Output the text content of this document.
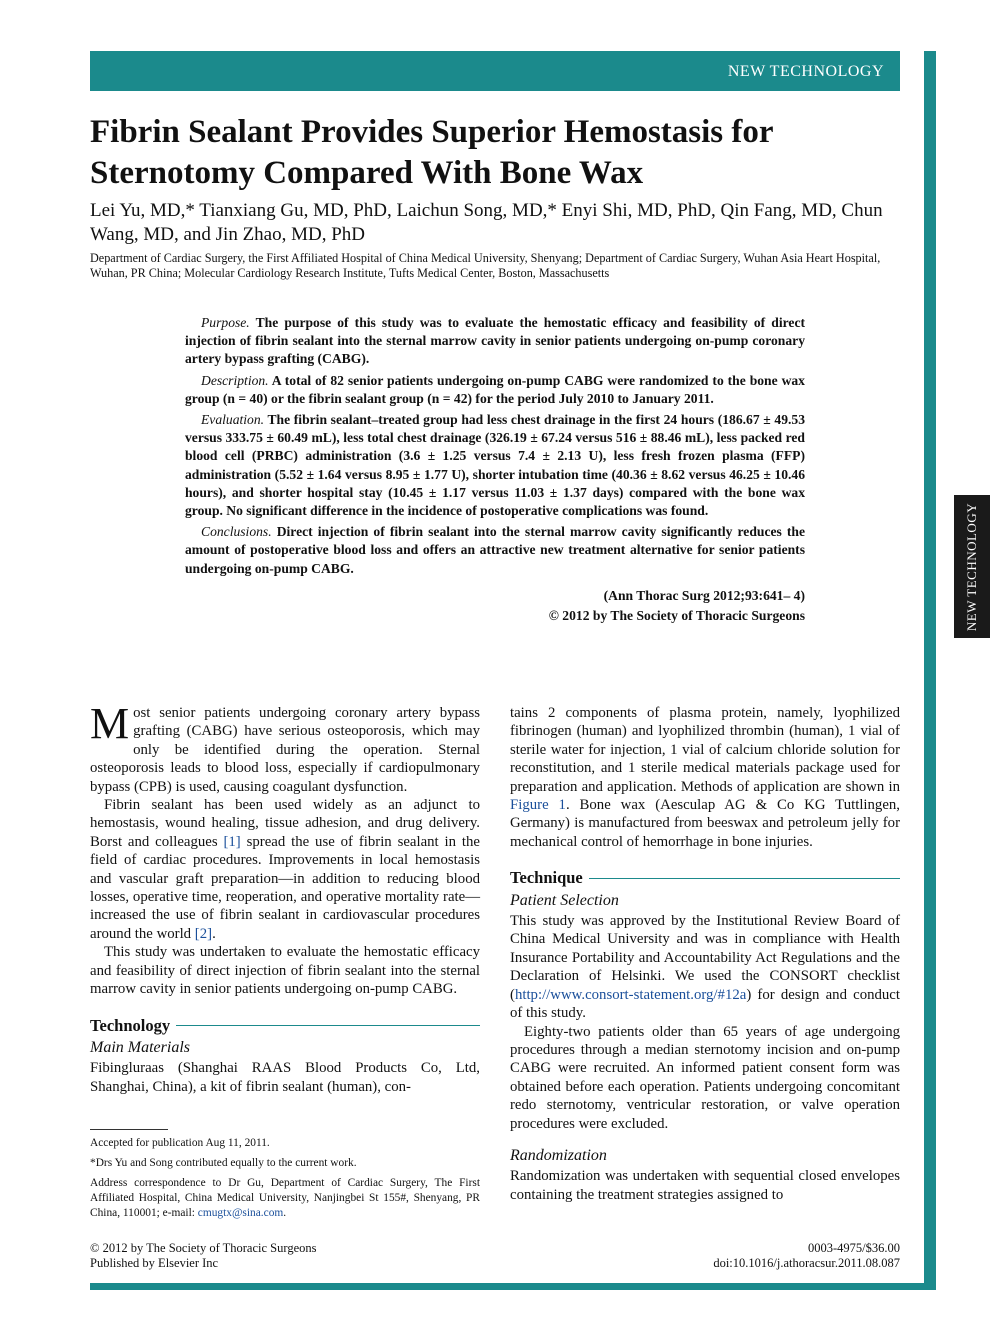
NEW TECHNOLOGY
NEW TECHNOLOGY
Fibrin Sealant Provides Superior Hemostasis for Sternotomy Compared With Bone Wax
Lei Yu, MD,* Tianxiang Gu, MD, PhD, Laichun Song, MD,* Enyi Shi, MD, PhD, Qin Fang, MD, Chun Wang, MD, and Jin Zhao, MD, PhD
Department of Cardiac Surgery, the First Affiliated Hospital of China Medical University, Shenyang; Department of Cardiac Surgery, Wuhan Asia Heart Hospital, Wuhan, PR China; Molecular Cardiology Research Institute, Tufts Medical Center, Boston, Massachusetts

Purpose. The purpose of this study was to evaluate the hemostatic efficacy and feasibility of direct injection of fibrin sealant into the sternal marrow cavity in senior patients undergoing on-pump coronary artery bypass grafting (CABG).

Description. A total of 82 senior patients undergoing on-pump CABG were randomized to the bone wax group (n = 40) or the fibrin sealant group (n = 42) for the period July 2010 to January 2011.

Evaluation. The fibrin sealant–treated group had less chest drainage in the first 24 hours (186.67 ± 49.53 versus 333.75 ± 60.49 mL), less total chest drainage (326.19 ± 67.24 versus 516 ± 88.46 mL), less packed red blood cell (PRBC) administration (3.6 ± 1.25 versus 7.4 ± 2.13 U), less fresh frozen plasma (FFP) administration (5.52 ± 1.64 versus 8.95 ± 1.77 U), shorter intubation time (40.36 ± 8.62 versus 46.25 ± 10.46 hours), and shorter hospital stay (10.45 ± 1.17 versus 11.03 ± 1.37 days) compared with the bone wax group. No significant difference in the incidence of postoperative complications was found.

Conclusions. Direct injection of fibrin sealant into the sternal marrow cavity significantly reduces the amount of postoperative blood loss and offers an attractive new treatment alternative for senior patients undergoing on-pump CABG.

(Ann Thorac Surg 2012;93:641– 4)
© 2012 by The Society of Thoracic Surgeons

Most senior patients undergoing coronary artery bypass grafting (CABG) have serious osteoporosis, which may only be identified during the operation. Sternal osteoporosis leads to blood loss, especially if cardiopulmonary bypass (CPB) is used, causing coagulant dysfunction.

Fibrin sealant has been used widely as an adjunct to hemostasis, wound healing, tissue adhesion, and drug delivery. Borst and colleagues [1] spread the use of fibrin sealant in the field of cardiac procedures. Improvements in local hemostasis and vascular graft preparation—in addition to reducing blood losses, operative time, reoperation, and operative mortality rate—increased the use of fibrin sealant in cardiovascular procedures around the world [2].

This study was undertaken to evaluate the hemostatic efficacy and feasibility of direct injection of fibrin sealant into the sternal marrow cavity in senior patients undergoing on-pump CABG.

Technology
Main Materials

Fibingluraas (Shanghai RAAS Blood Products Co, Ltd, Shanghai, China), a kit of fibrin sealant (human), con-

tains 2 components of plasma protein, namely, lyophilized fibrinogen (human) and lyophilized thrombin (human), 1 vial of sterile water for injection, 1 vial of calcium chloride solution for reconstitution, and 1 sterile medical materials package used for preparation and application. Methods of application are shown in Figure 1. Bone wax (Aesculap AG & Co KG Tuttlingen, Germany) is manufactured from beeswax and petroleum jelly for mechanical control of hemorrhage in bone injuries.

Technique
Patient Selection

This study was approved by the Institutional Review Board of China Medical University and was in compliance with Health Insurance Portability and Accountability Act Regulations and the Declaration of Helsinki. We used the CONSORT checklist (http://www.consort-statement.org/#12a) for design and conduct of this study.

Eighty-two patients older than 65 years of age undergoing procedures through a median sternotomy incision and on-pump CABG were recruited. An informed patient consent form was obtained before each operation. Patients undergoing concomitant redo sternotomy, ventricular restoration, or valve operation procedures were excluded.

Randomization

Randomization was undertaken with sequential closed envelopes containing the treatment strategies assigned to

Accepted for publication Aug 11, 2011.
*Drs Yu and Song contributed equally to the current work.
Address correspondence to Dr Gu, Department of Cardiac Surgery, The First Affiliated Hospital, China Medical University, Nanjingbei St 155#, Shenyang, PR China, 110001; e-mail: cmugtx@sina.com.
© 2012 by The Society of Thoracic Surgeons
Published by Elsevier Inc
0003-4975/$36.00
doi:10.1016/j.athoracsur.2011.08.087
